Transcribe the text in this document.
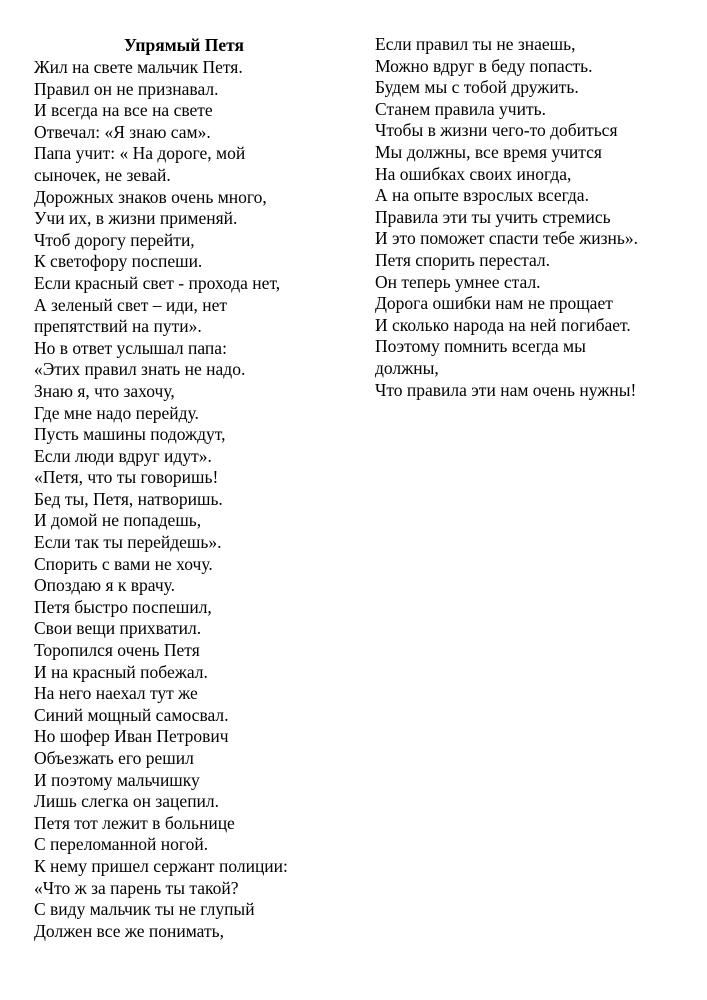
Упрямый Петя
Жил на свете мальчик Петя.
Правил он не признавал.
И всегда на все на свете
Отвечал: «Я знаю сам».
Папа учит: « На дороге, мой
сыночек, не зевай.
Дорожных знаков очень много,
Учи их, в жизни применяй.
Чтоб дорогу перейти,
К светофору поспеши.
Если красный свет - прохода нет,
А зеленый свет – иди, нет
препятствий на пути».
Но в ответ услышал папа:
«Этих правил знать не надо.
Знаю я, что захочу,
Где мне надо перейду.
Пусть машины подождут,
Если люди вдруг идут».
«Петя, что ты говоришь!
Бед ты, Петя, натворишь.
И домой не попадешь,
Если так ты перейдешь».
Спорить с вами не хочу.
Опоздаю я к врачу.
Петя быстро поспешил,
Свои вещи прихватил.
Торопился очень Петя
И на красный побежал.
На него наехал тут же
Синий мощный самосвал.
Но шофер Иван Петрович
Объезжать его решил
И поэтому мальчишку
Лишь слегка он зацепил.
Петя тот лежит в больнице
С переломанной ногой.
К нему пришел сержант полиции:
«Что ж за парень ты такой?
С виду мальчик ты не глупый
Должен все же понимать,
Если правил ты не знаешь,
Можно вдруг в беду попасть.
Будем мы с тобой дружить.
Станем правила учить.
Чтобы в жизни чего-то добиться
Мы должны, все время учится
На ошибках своих иногда,
А на опыте взрослых всегда.
Правила эти ты учить стремись
И это поможет спасти тебе жизнь».
Петя спорить перестал.
Он теперь умнее стал.
Дорога ошибки нам не прощает
И сколько народа на ней погибает.
Поэтому помнить всегда мы
должны,
Что правила эти нам очень нужны!
